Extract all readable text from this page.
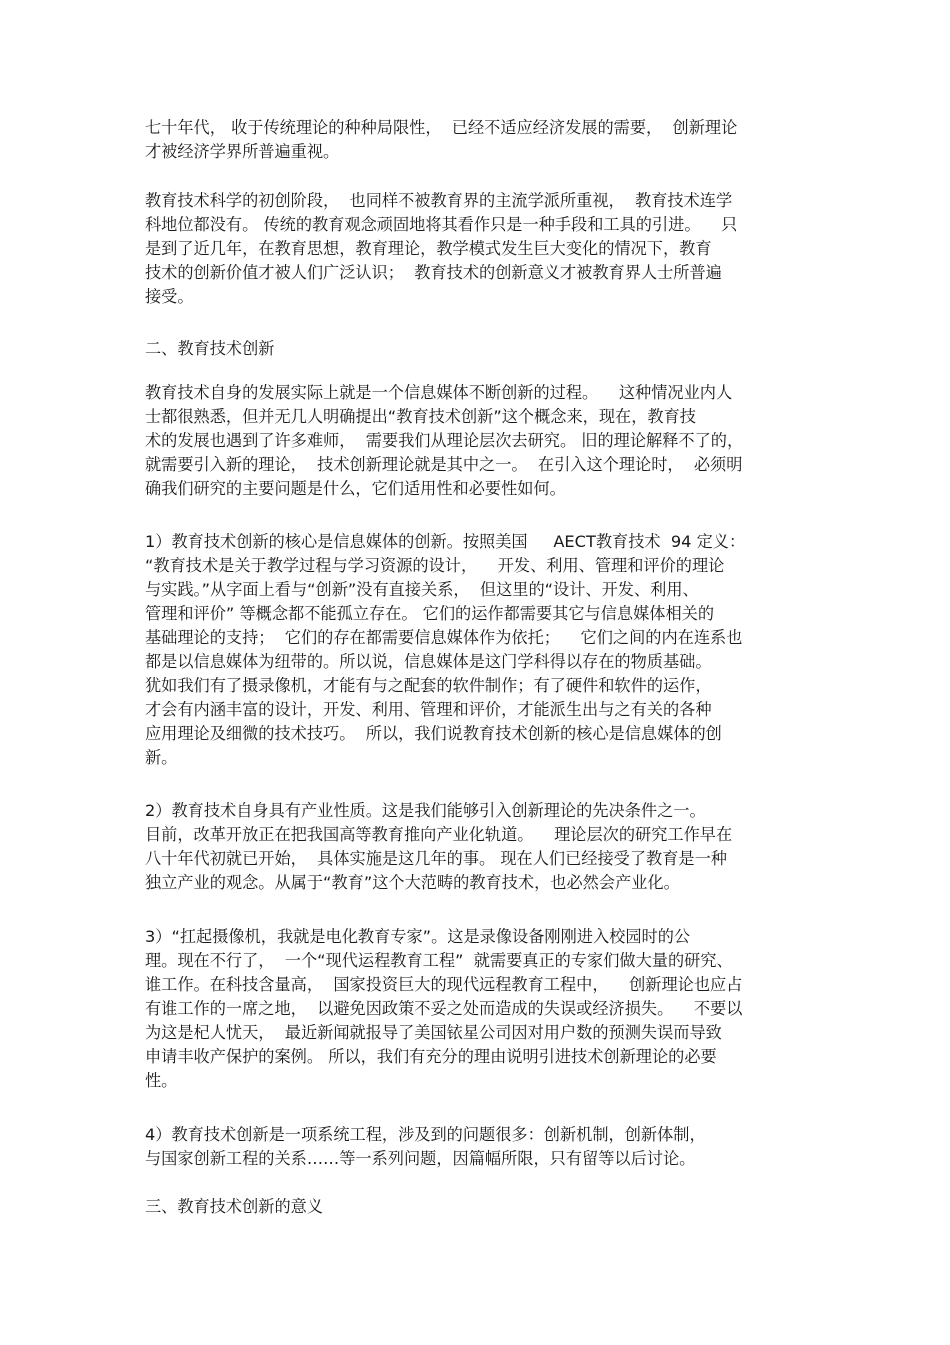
七十年代， 收于传统理论的种种局限性，  已经不适应经济发展的需要，  创新理论
才被经济学界所普遍重视。
教育技术科学的初创阶段，  也同样不被教育界的主流学派所重视，  教育技术连学
科地位都没有。 传统的教育观念顽固地将其看作只是一种手段和工具的引进。    只
是到了近几年，在教育思想，教育理论，教学模式发生巨大变化的情况下，教育
技术的创新价值才被人们广泛认识；  教育技术的创新意义才被教育界人士所普遍
接受。
二、教育技术创新
教育技术自身的发展实际上就是一个信息媒体不断创新的过程。    这种情况业内人
士都很熟悉，但并无几人明确提出“教育技术创新”这个概念来，现在，教育技
术的发展也遇到了许多难师，  需要我们从理论层次去研究。 旧的理论解释不了的，
就需要引入新的理论，  技术创新理论就是其中之一。  在引入这个理论时，  必须明
确我们研究的主要问题是什么，它们适用性和必要性如何。
1）教育技术创新的核心是信息媒体的创新。按照美国     AECT教育技术  94 定义：
“教育技术是关于教学过程与学习资源的设计，    开发、利用、管理和评价的理论
与实践。”从字面上看与“创新”没有直接关系，  但这里的“设计、开发、利用、
管理和评价” 等概念都不能孤立存在。 它们的运作都需要其它与信息媒体相关的
基础理论的支持；  它们的存在都需要信息媒体作为依托；    它们之间的内在连系也
都是以信息媒体为纽带的。所以说，信息媒体是这门学科得以存在的物质基础。
犹如我们有了摄录像机，才能有与之配套的软件制作；有了硬件和软件的运作，
才会有内涵丰富的设计，开发、利用、管理和评价，才能派生出与之有关的各种
应用理论及细微的技术技巧。  所以，我们说教育技术创新的核心是信息媒体的创
新。
2）教育技术自身具有产业性质。这是我们能够引入创新理论的先决条件之一。
目前，改革开放正在把我国高等教育推向产业化轨道。    理论层次的研究工作早在
八十年代初就已开始，  具体实施是这几年的事。 现在人们已经接受了教育是一种
独立产业的观念。从属于“教育”这个大范畴的教育技术，也必然会产业化。
3）“扛起摄像机，我就是电化教育专家”。这是录像设备刚刚进入校园时的公
理。现在不行了，  一个“现代运程教育工程”  就需要真正的专家们做大量的研究、
谁工作。在科技含量高，  国家投资巨大的现代远程教育工程中，    创新理论也应占
有谁工作的一席之地，  以避免因政策不妥之处而造成的失误或经济损失。    不要以
为这是杞人忧天，  最近新闻就报导了美国铱星公司因对用户数的预测失误而导致
申请丰收产保护的案例。 所以，我们有充分的理由说明引进技术创新理论的必要
性。
4）教育技术创新是一项系统工程，涉及到的问题很多：创新机制，创新体制，
与国家创新工程的关系……等一系列问题，因篇幅所限，只有留等以后讨论。
三、教育技术创新的意义
